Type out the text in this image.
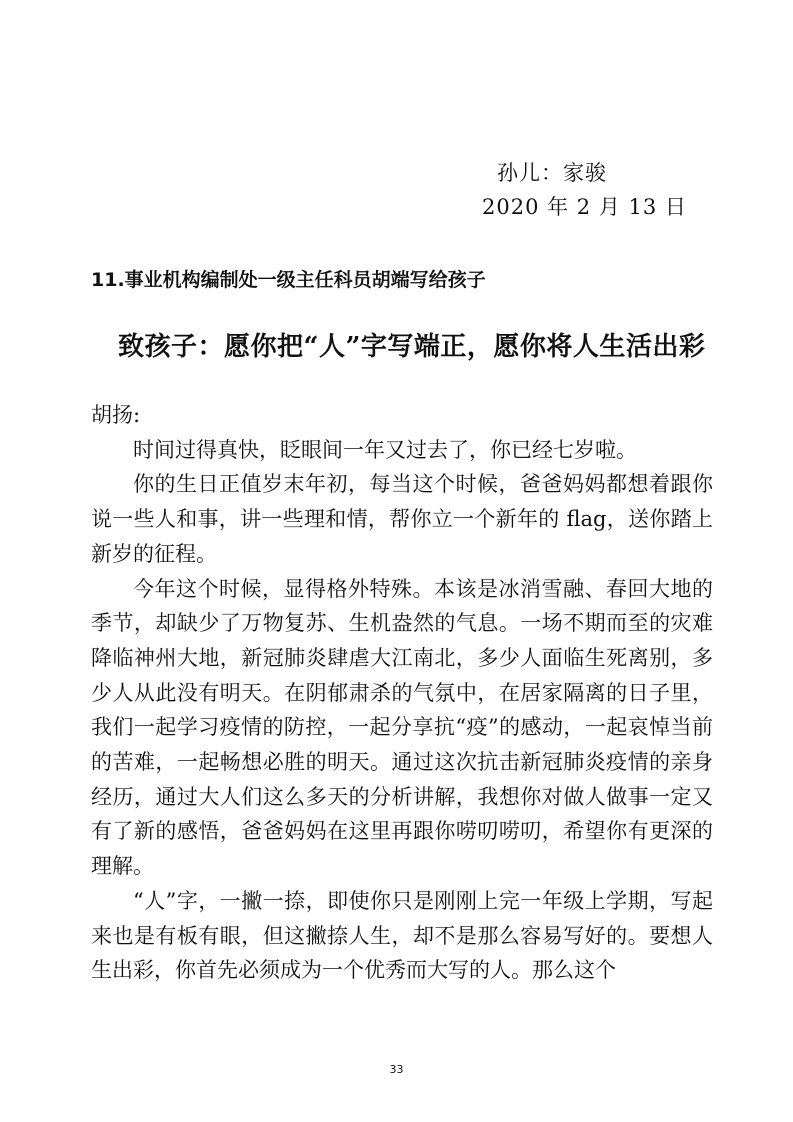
孙儿：家骏
2020 年 2 月 13 日
11.事业机构编制处一级主任科员胡端写给孩子
致孩子：愿你把“人”字写端正，愿你将人生活出彩

胡扬:

时间过得真快，眨眼间一年又过去了，你已经七岁啦。

你的生日正值岁末年初，每当这个时候，爸爸妈妈都想着跟你说一些人和事，讲一些理和情，帮你立一个新年的 flag，送你踏上新岁的征程。

今年这个时候，显得格外特殊。本该是冰消雪融、春回大地的季节，却缺少了万物复苏、生机盎然的气息。一场不期而至的灾难降临神州大地，新冠肺炎肆虐大江南北，多少人面临生死离别，多少人从此没有明天。在阴郁肃杀的气氛中，在居家隔离的日子里，我们一起学习疫情的防控，一起分享抗“疫”的感动，一起哀悼当前的苦难，一起畅想必胜的明天。通过这次抗击新冠肺炎疫情的亲身经历，通过大人们这么多天的分析讲解，我想你对做人做事一定又有了新的感悟，爸爸妈妈在这里再跟你唠叨唠叨，希望你有更深的理解。

“人”字，一撇一捺，即使你只是刚刚上完一年级上学期，写起来也是有板有眼，但这撇捺人生，却不是那么容易写好的。要想人生出彩，你首先必须成为一个优秀而大写的人。那么这个

33
